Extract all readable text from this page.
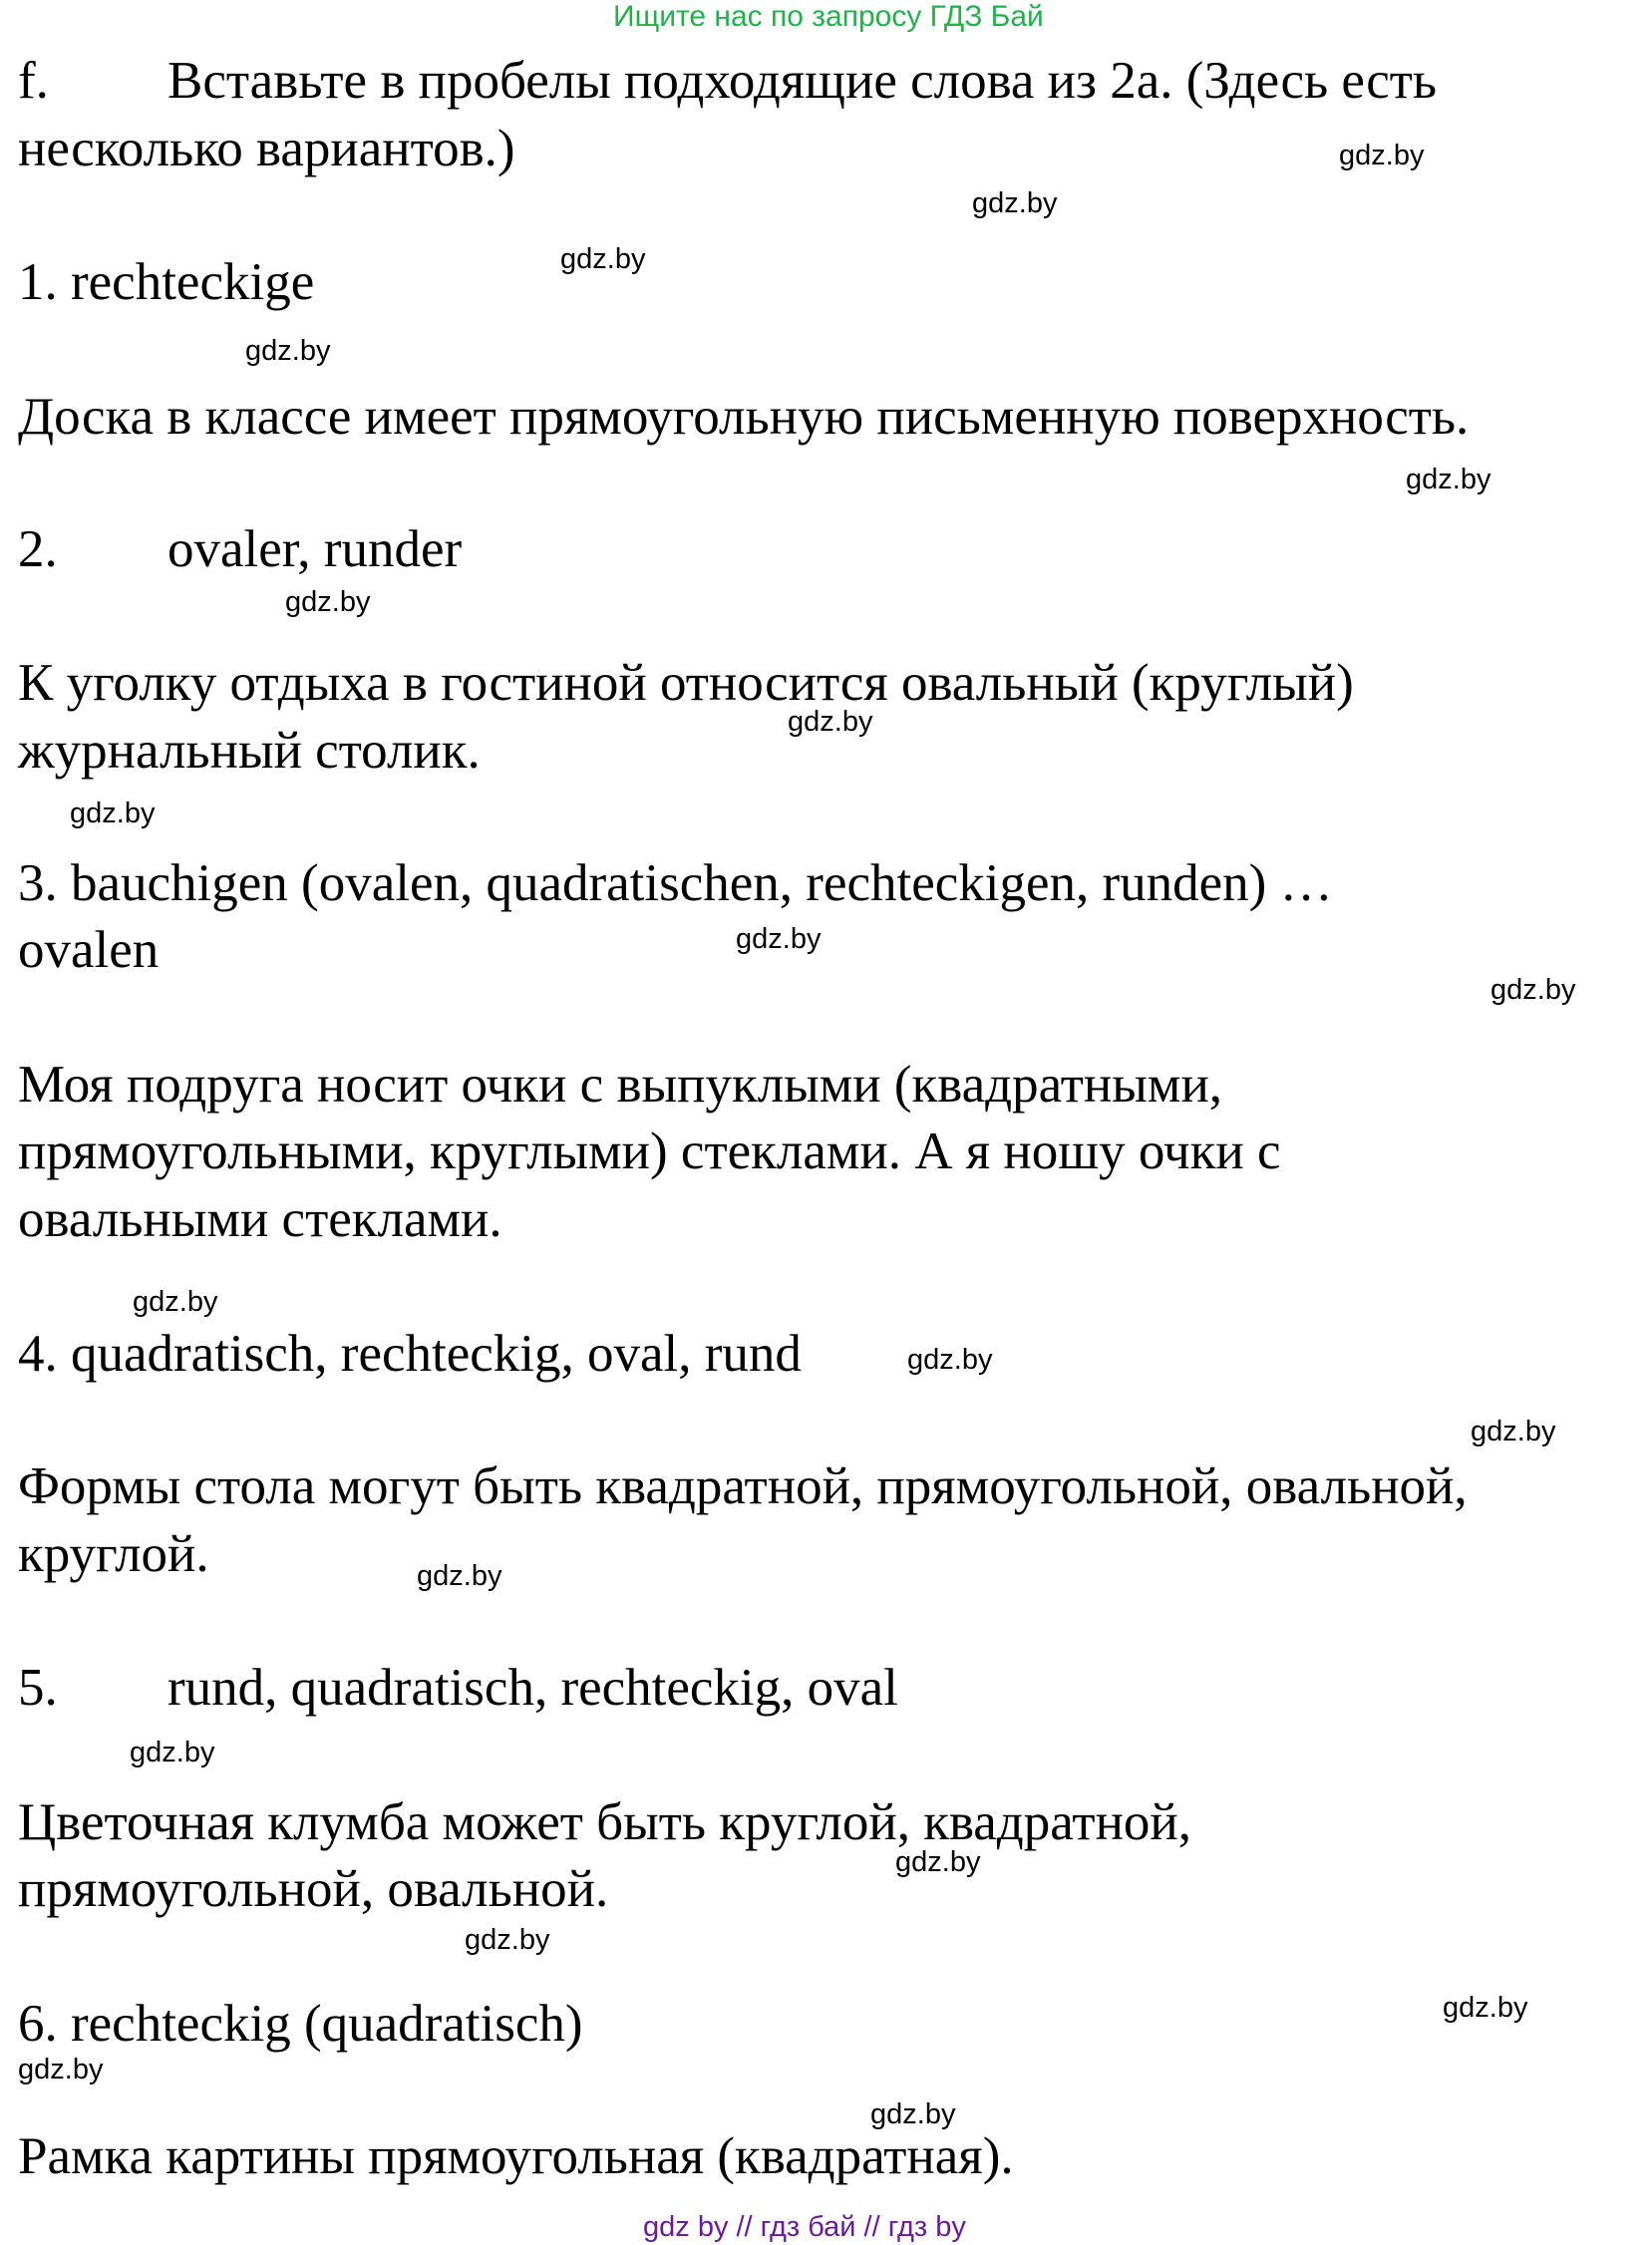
Ищите нас по запросу ГДЗ Бай
f. Вставьте в пробелы подходящие слова из 2a. (Здесь есть
несколько вариантов.)
1. rechteckige
Доска в классе имеет прямоугольную письменную поверхность.
2. ovaler, runder
К уголку отдыха в гостиной относится овальный (круглый)
журнальный столик.
3. bauchigen (ovalen, quadratischen, rechteckigen, runden) …
ovalen
Моя подруга носит очки с выпуклыми (квадратными,
прямоугольными, круглыми) стеклами. А я ношу очки с
овальными стеклами.
4. quadratisch, rechteckig, oval, rund
Формы стола могут быть квадратной, прямоугольной, овальной,
круглой.
5. rund, quadratisch, rechteckig, oval
Цветочная клумба может быть круглой, квадратной,
прямоугольной, овальной.
6. rechteckig (quadratisch)
Рамка картины прямоугольная (квадратная).
gdz.by
gdz.by
gdz.by
gdz.by
gdz.by
gdz.by
gdz.by
gdz.by
gdz.by
gdz.by
gdz.by
gdz.by
gdz.by
gdz.by
gdz.by
gdz.by
gdz.by
gdz.by
gdz.by
gdz.by
gdz by // гдз бай // гдз by
